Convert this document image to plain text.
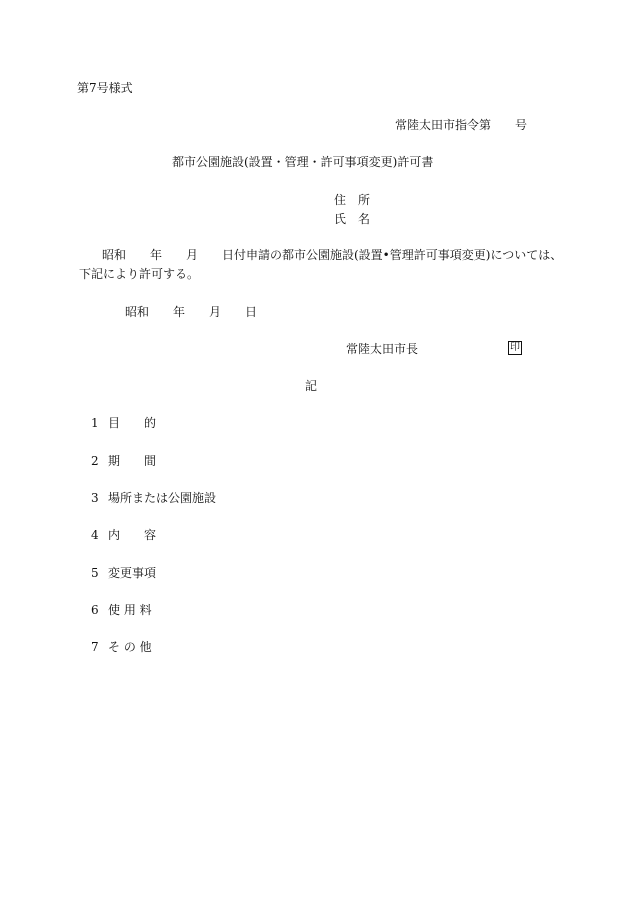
第7号様式
常陸太田市指令第　　号
都市公園施設(設置・管理・許可事項変更)許可書
住　所
氏　名
昭和　　年　　月　　日付申請の都市公園施設(設置•管理許可事項変更)については、
下記により許可する。
昭和　　年　　月　　日
常陸太田市長	印
記
1 目　　的
2 期　　間
3 場所または公園施設
4 内　　容
5 変更事項
6 使 用 料
7 そ の 他
